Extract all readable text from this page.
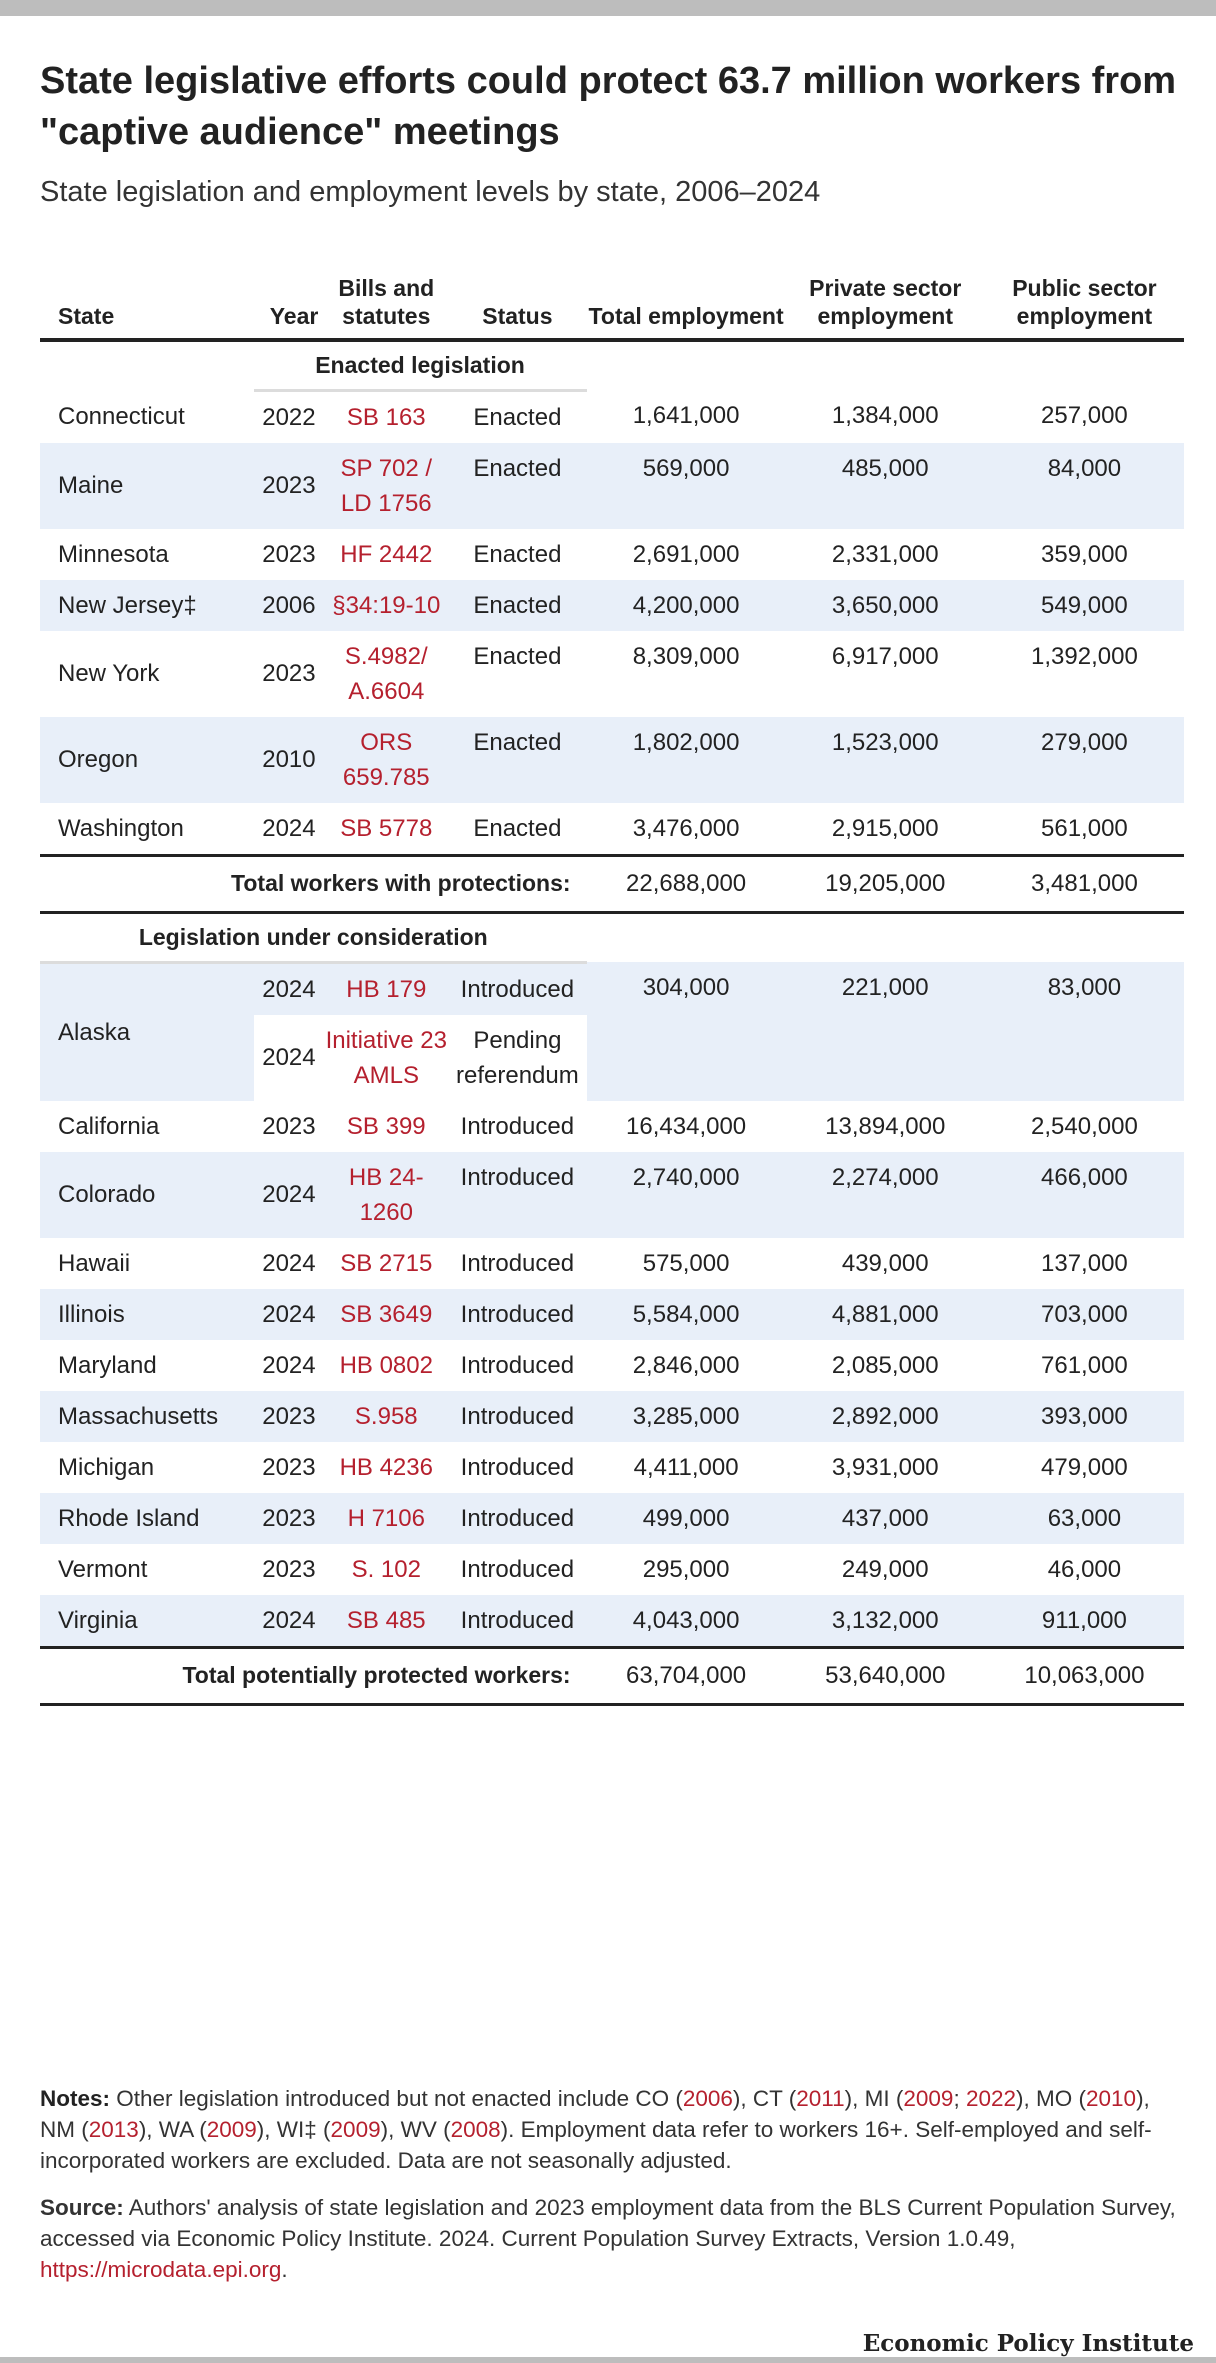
State legislative efforts could protect 63.7 million workers from "captive audience" meetings
State legislation and employment levels by state, 2006–2024
State	Year	Bills and statutes	Status	Total employment	Private sector employment	Public sector employment
	Enacted legislation					
Connecticut	2022	SB 163	Enacted	1,641,000	1,384,000	257,000
Maine	2023	SP 702 / LD 1756	Enacted	569,000	485,000	84,000
Minnesota	2023	HF 2442	Enacted	2,691,000	2,331,000	359,000
New Jersey‡	2006	§34:19-10	Enacted	4,200,000	3,650,000	549,000
New York	2023	S.4982/ A.6604	Enacted	8,309,000	6,917,000	1,392,000
Oregon	2010	ORS 659.785	Enacted	1,802,000	1,523,000	279,000
Washington	2024	SB 5778	Enacted	3,476,000	2,915,000	561,000
Total workers with protections:				22,688,000	19,205,000	3,481,000
Legislation under consideration						
Alaska	2024	HB 179	Introduced	304,000	221,000	83,000
	2024	Initiative 23AMLS	Pending referendum			
California	2023	SB 399	Introduced	16,434,000	13,894,000	2,540,000
Colorado	2024	HB 24-1260	Introduced	2,740,000	2,274,000	466,000
Hawaii	2024	SB 2715	Introduced	575,000	439,000	137,000
Illinois	2024	SB 3649	Introduced	5,584,000	4,881,000	703,000
Maryland	2024	HB 0802	Introduced	2,846,000	2,085,000	761,000
Massachusetts	2023	S.958	Introduced	3,285,000	2,892,000	393,000
Michigan	2023	HB 4236	Introduced	4,411,000	3,931,000	479,000
Rhode Island	2023	H 7106	Introduced	499,000	437,000	63,000
Vermont	2023	S. 102	Introduced	295,000	249,000	46,000
Virginia	2024	SB 485	Introduced	4,043,000	3,132,000	911,000
Total potentially protected workers:				63,704,000	53,640,000	10,063,000
Notes: Other legislation introduced but not enacted include CO (2006), CT (2011), MI (2009; 2022), MO (2010), NM (2013), WA (2009), WI‡ (2009), WV (2008). Employment data refer to workers 16+. Self-employed and self-incorporated workers are excluded. Data are not seasonally adjusted.
Source: Authors' analysis of state legislation and 2023 employment data from the BLS Current Population Survey, accessed via Economic Policy Institute. 2024. Current Population Survey Extracts, Version 1.0.49, https://microdata.epi.org.
Economic Policy Institute
